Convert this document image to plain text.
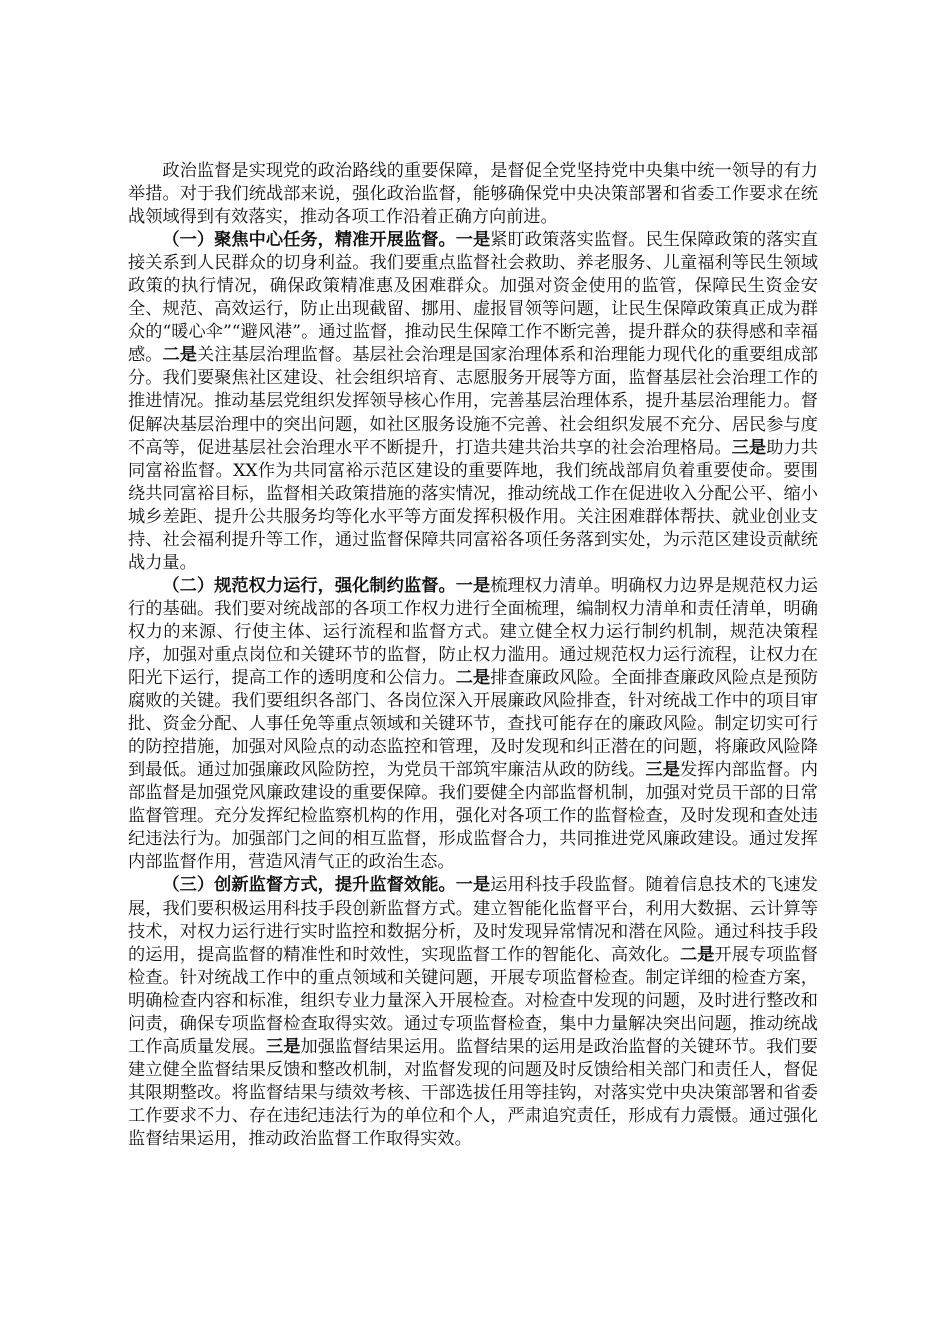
政治监督是实现党的政治路线的重要保障，是督促全党坚持党中央集中统一领导的有力举措。对于我们统战部来说，强化政治监督，能够确保党中央决策部署和省委工作要求在统战领域得到有效落实，推动各项工作沿着正确方向前进。

（一）聚焦中心任务，精准开展监督。一是紧盯政策落实监督。民生保障政策的落实直接关系到人民群众的切身利益。我们要重点监督社会救助、养老服务、儿童福利等民生领域政策的执行情况，确保政策精准惠及困难群众。加强对资金使用的监管，保障民生资金安全、规范、高效运行，防止出现截留、挪用、虚报冒领等问题，让民生保障政策真正成为群众的“暖心伞”“避风港”。通过监督，推动民生保障工作不断完善，提升群众的获得感和幸福感。二是关注基层治理监督。基层社会治理是国家治理体系和治理能力现代化的重要组成部分。我们要聚焦社区建设、社会组织培育、志愿服务开展等方面，监督基层社会治理工作的推进情况。推动基层党组织发挥领导核心作用，完善基层治理体系，提升基层治理能力。督促解决基层治理中的突出问题，如社区服务设施不完善、社会组织发展不充分、居民参与度不高等，促进基层社会治理水平不断提升，打造共建共治共享的社会治理格局。三是助力共同富裕监督。XX作为共同富裕示范区建设的重要阵地，我们统战部肩负着重要使命。要围绕共同富裕目标，监督相关政策措施的落实情况，推动统战工作在促进收入分配公平、缩小城乡差距、提升公共服务均等化水平等方面发挥积极作用。关注困难群体帮扶、就业创业支持、社会福利提升等工作，通过监督保障共同富裕各项任务落到实处，为示范区建设贡献统战力量。

（二）规范权力运行，强化制约监督。一是梳理权力清单。明确权力边界是规范权力运行的基础。我们要对统战部的各项工作权力进行全面梳理，编制权力清单和责任清单，明确权力的来源、行使主体、运行流程和监督方式。建立健全权力运行制约机制，规范决策程序，加强对重点岗位和关键环节的监督，防止权力滥用。通过规范权力运行流程，让权力在阳光下运行，提高工作的透明度和公信力。二是排查廉政风险。全面排查廉政风险点是预防腐败的关键。我们要组织各部门、各岗位深入开展廉政风险排查，针对统战工作中的项目审批、资金分配、人事任免等重点领域和关键环节，查找可能存在的廉政风险。制定切实可行的防控措施，加强对风险点的动态监控和管理，及时发现和纠正潜在的问题，将廉政风险降到最低。通过加强廉政风险防控，为党员干部筑牢廉洁从政的防线。三是发挥内部监督。内部监督是加强党风廉政建设的重要保障。我们要健全内部监督机制，加强对党员干部的日常监督管理。充分发挥纪检监察机构的作用，强化对各项工作的监督检查，及时发现和查处违纪违法行为。加强部门之间的相互监督，形成监督合力，共同推进党风廉政建设。通过发挥内部监督作用，营造风清气正的政治生态。

（三）创新监督方式，提升监督效能。一是运用科技手段监督。随着信息技术的飞速发展，我们要积极运用科技手段创新监督方式。建立智能化监督平台，利用大数据、云计算等技术，对权力运行进行实时监控和数据分析，及时发现异常情况和潜在风险。通过科技手段的运用，提高监督的精准性和时效性，实现监督工作的智能化、高效化。二是开展专项监督检查。针对统战工作中的重点领域和关键问题，开展专项监督检查。制定详细的检查方案，明确检查内容和标准，组织专业力量深入开展检查。对检查中发现的问题，及时进行整改和问责，确保专项监督检查取得实效。通过专项监督检查，集中力量解决突出问题，推动统战工作高质量发展。三是加强监督结果运用。监督结果的运用是政治监督的关键环节。我们要建立健全监督结果反馈和整改机制，对监督发现的问题及时反馈给相关部门和责任人，督促其限期整改。将监督结果与绩效考核、干部选拔任用等挂钩，对落实党中央决策部署和省委工作要求不力、存在违纪违法行为的单位和个人，严肃追究责任，形成有力震慑。通过强化监督结果运用，推动政治监督工作取得实效。
